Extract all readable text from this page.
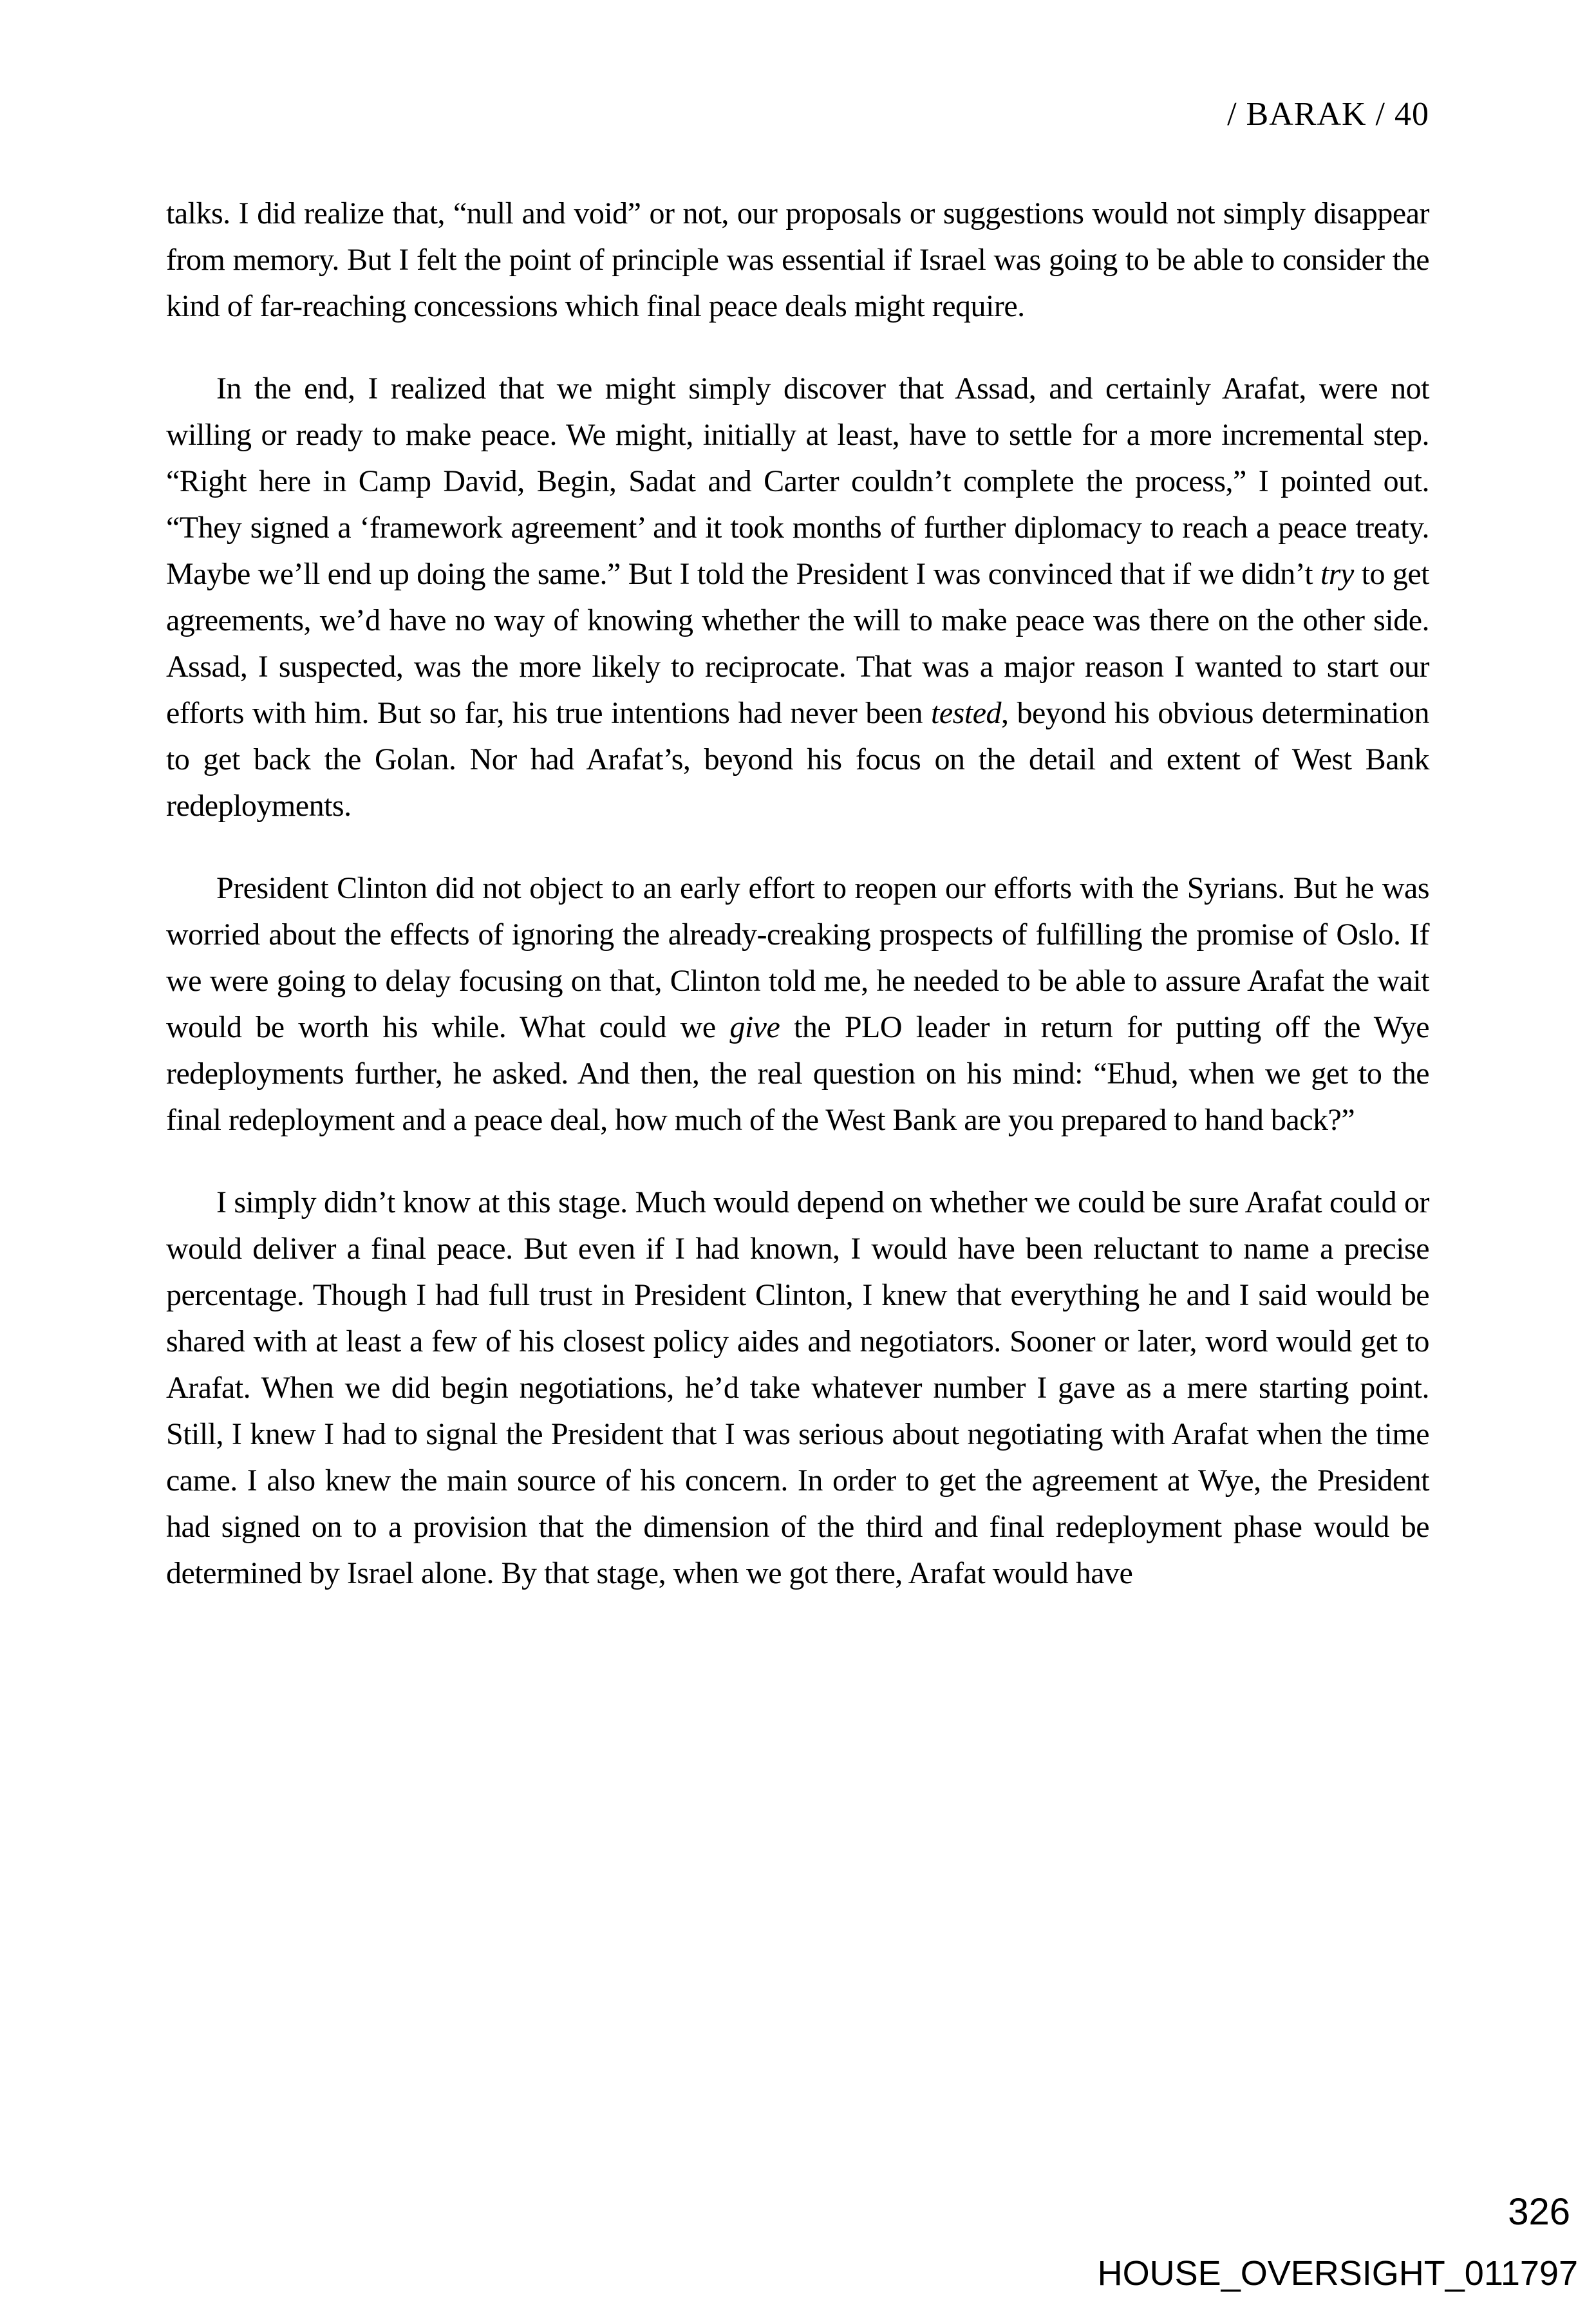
/ BARAK / 40

talks. I did realize that, “null and void” or not, our proposals or suggestions would not simply disappear from memory. But I felt the point of principle was essential if Israel was going to be able to consider the kind of far-reaching concessions which final peace deals might require.

In the end, I realized that we might simply discover that Assad, and certainly Arafat, were not willing or ready to make peace. We might, initially at least, have to settle for a more incremental step. “Right here in Camp David, Begin, Sadat and Carter couldn’t complete the process,” I pointed out. “They signed a ‘framework agreement’ and it took months of further diplomacy to reach a peace treaty. Maybe we’ll end up doing the same.” But I told the President I was convinced that if we didn’t try to get agreements, we’d have no way of knowing whether the will to make peace was there on the other side. Assad, I suspected, was the more likely to reciprocate. That was a major reason I wanted to start our efforts with him. But so far, his true intentions had never been tested, beyond his obvious determination to get back the Golan. Nor had Arafat’s, beyond his focus on the detail and extent of West Bank redeployments.

President Clinton did not object to an early effort to reopen our efforts with the Syrians. But he was worried about the effects of ignoring the already-creaking prospects of fulfilling the promise of Oslo. If we were going to delay focusing on that, Clinton told me, he needed to be able to assure Arafat the wait would be worth his while. What could we give the PLO leader in return for putting off the Wye redeployments further, he asked. And then, the real question on his mind: “Ehud, when we get to the final redeployment and a peace deal, how much of the West Bank are you prepared to hand back?”

I simply didn’t know at this stage. Much would depend on whether we could be sure Arafat could or would deliver a final peace. But even if I had known, I would have been reluctant to name a precise percentage. Though I had full trust in President Clinton, I knew that everything he and I said would be shared with at least a few of his closest policy aides and negotiators. Sooner or later, word would get to Arafat. When we did begin negotiations, he’d take whatever number I gave as a mere starting point. Still, I knew I had to signal the President that I was serious about negotiating with Arafat when the time came. I also knew the main source of his concern. In order to get the agreement at Wye, the President had signed on to a provision that the dimension of the third and final redeployment phase would be determined by Israel alone. By that stage, when we got there, Arafat would have

326
HOUSE_OVERSIGHT_011797
